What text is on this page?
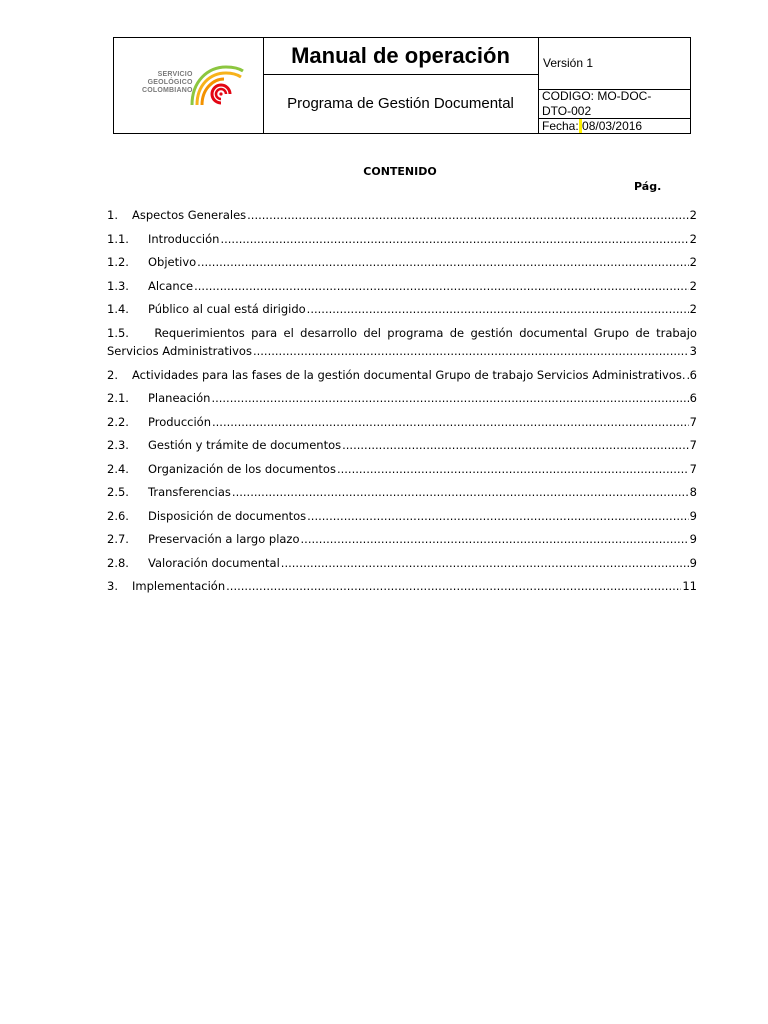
SERVICIO
GEOLÓGICO
COLOMBIANO
Manual de operación
Programa de Gestión Documental
Versión 1
CODIGO: MO-DOC-
DTO-002
Fecha: 08/03/2016
CONTENIDO
Pág.
1.	Aspectos Generales .....	2
1.1.	Introducción .....	2
1.2.	Objetivo .....	2
1.3.	Alcance .....	2
1.4.	Público al cual está dirigido .....	2
1.5.	Requerimientos para el desarrollo del programa de gestión documental Grupo de trabajo
Servicios Administrativos .....	3
2.	Actividades para las fases de la gestión documental Grupo de trabajo Servicios Administrativos. ..... 6
2.1.	Planeación .....	6
2.2.	Producción .....	7
2.3.	Gestión y trámite de documentos .....	7
2.4.	Organización de los documentos .....	7
2.5.	Transferencias .....	8
2.6.	Disposición de documentos .....	9
2.7.	Preservación a largo plazo .....	9
2.8.	Valoración documental .....	9
3.	Implementación .....	11
